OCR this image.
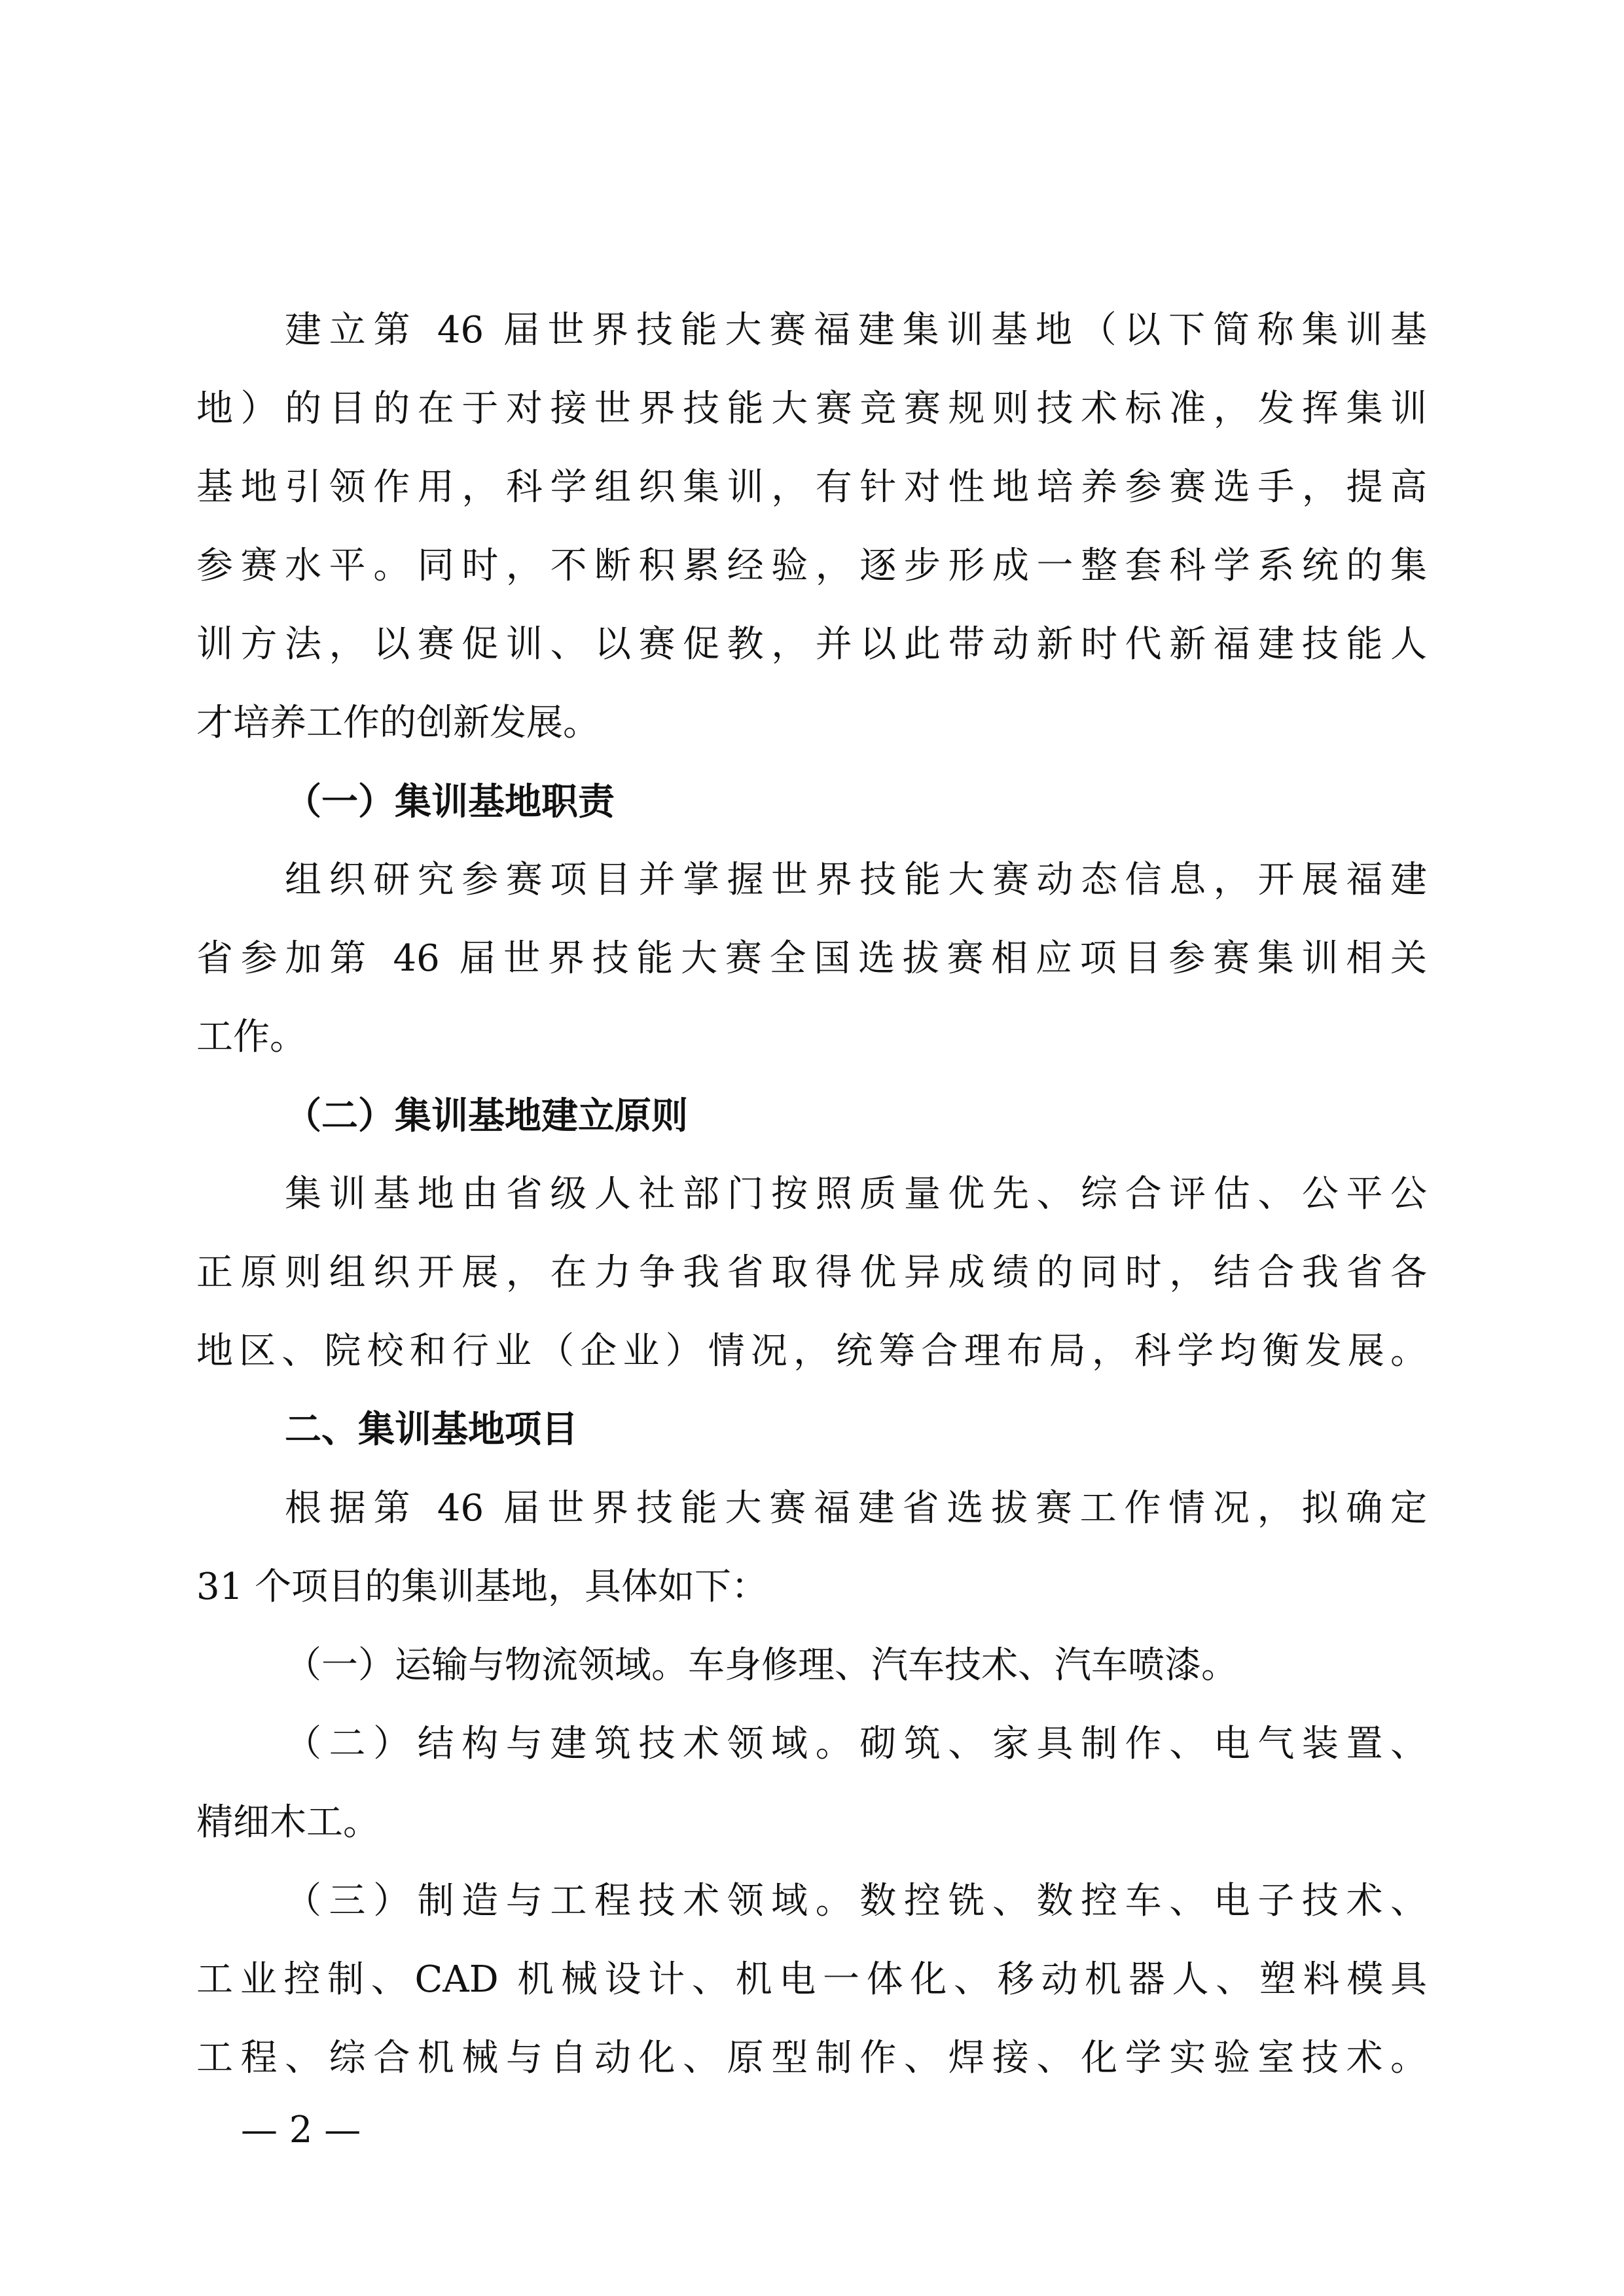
建立第 46 届世界技能大赛福建集训基地（以下简称集训基
地）的目的在于对接世界技能大赛竞赛规则技术标准，发挥集训
基地引领作用，科学组织集训，有针对性地培养参赛选手，提高
参赛水平。同时，不断积累经验，逐步形成一整套科学系统的集
训方法，以赛促训、以赛促教，并以此带动新时代新福建技能人
才培养工作的创新发展。
（一）集训基地职责
组织研究参赛项目并掌握世界技能大赛动态信息，开展福建
省参加第 46 届世界技能大赛全国选拔赛相应项目参赛集训相关
工作。
（二）集训基地建立原则
集训基地由省级人社部门按照质量优先、综合评估、公平公
正原则组织开展，在力争我省取得优异成绩的同时，结合我省各
地区、院校和行业（企业）情况，统筹合理布局，科学均衡发展。
二、集训基地项目
根据第 46 届世界技能大赛福建省选拔赛工作情况，拟确定
31 个项目的集训基地，具体如下：
（一）运输与物流领域。车身修理、汽车技术、汽车喷漆。
（二）结构与建筑技术领域。砌筑、家具制作、电气装置、
精细木工。
（三）制造与工程技术领域。数控铣、数控车、电子技术、
工业控制、CAD 机械设计、机电一体化、移动机器人、塑料模具
工程、综合机械与自动化、原型制作、焊接、化学实验室技术。
— 2 —
